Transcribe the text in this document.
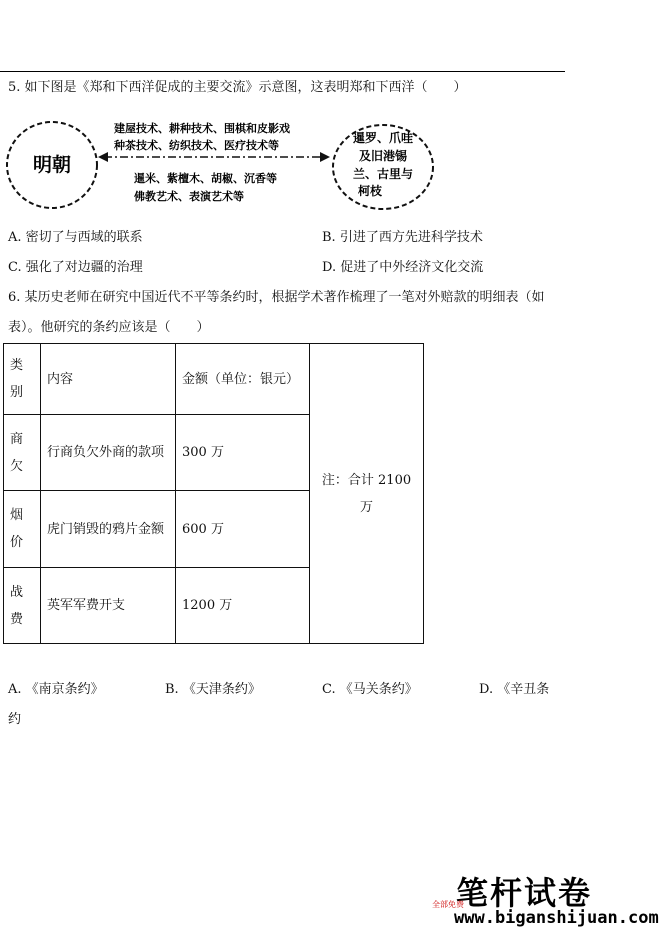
5. 如下图是《郑和下西洋促成的主要交流》示意图，这表明郑和下西洋（　　）
明朝
暹罗、爪哇
及旧港锡
兰、古里与
柯枝
建屋技术、耕种技术、围棋和皮影戏
种茶技术、纺织技术、医疗技术等
暹米、紫檀木、胡椒、沉香等
佛教艺术、表演艺术等
A. 密切了与西域的联系	B. 引进了西方先进科学技术
C. 强化了对边疆的治理	D. 促进了中外经济文化交流
6. 某历史老师在研究中国近代不平等条约时，根据学术著作梳理了一笔对外赔款的明细表（如
表）。他研究的条约应该是（　　）
类别	内容	金额（单位：银元）	注：合计 2100 万
商欠	行商负欠外商的款项	300 万	
烟价	虎门销毁的鸦片金额	600 万	
战费	英军军费开支	1200 万	
A. 《南京条约》	B. 《天津条约》	C. 《马关条约》	D. 《辛丑条
约
笔杆试卷
全部免费
www.biganshijuan.com
